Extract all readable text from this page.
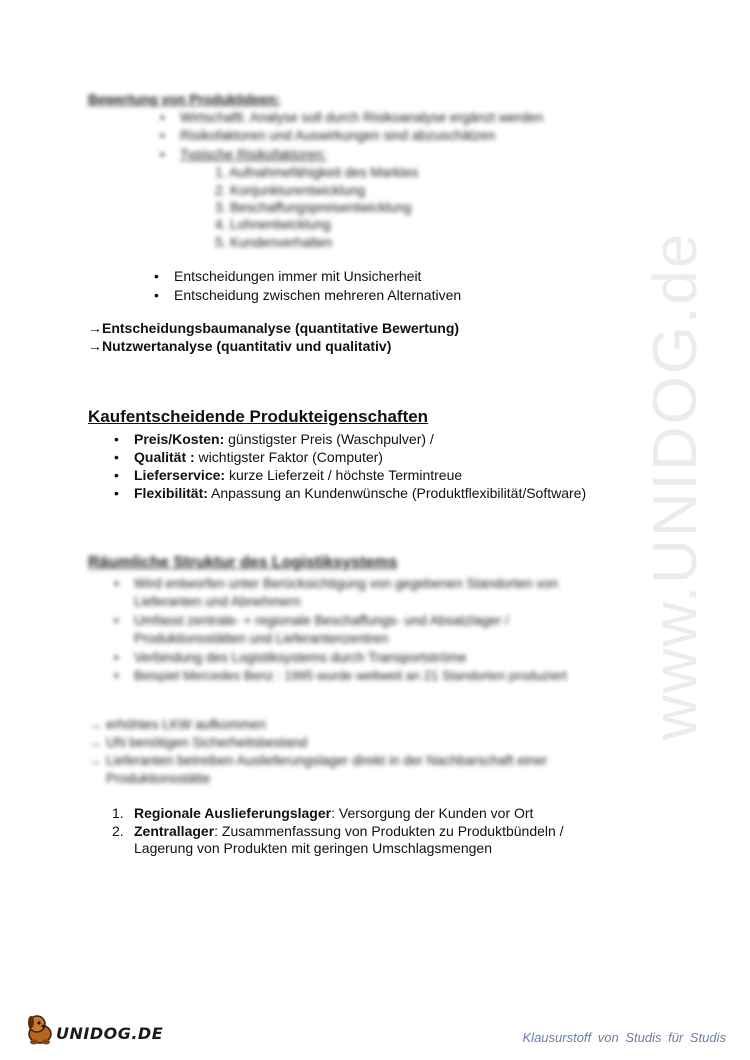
www.UNIDOG.de
Bewertung von Produktideen:
• Wirtschaftl. Analyse soll durch Risikoanalyse ergänzt werden
• Risikofaktoren und Auswirkungen sind abzuschätzen
• Typische Risikofaktoren:
1. Aufnahmefähigkeit des Marktes
2. Konjunkturentwicklung
3. Beschaffungspreisentwicklung
4. Lohnentwicklung
5. Kundenverhalten
• Entscheidungen immer mit Unsicherheit
• Entscheidung zwischen mehreren Alternativen
→Entscheidungsbaumanalyse (quantitative Bewertung)
→Nutzwertanalyse (quantitativ und qualitativ)
Kaufentscheidende Produkteigenschaften
• Preis/Kosten: günstigster Preis (Waschpulver) /
• Qualität : wichtigster Faktor (Computer)
• Lieferservice: kurze Lieferzeit / höchste Termintreue
• Flexibilität: Anpassung an Kundenwünsche (Produktflexibilität/Software)
Räumliche Struktur des Logistiksystems
• Wird entworfen unter Berücksichtigung von gegebenen Standorten von
Lieferanten und Abnehmern
• Umfasst zentrale- + regionale Beschaffungs- und Absatzlager /
Produktionsstätten und Lieferantenzentren
• Verbindung des Logistiksystems durch Transportströme
• Beispiel Mercedes Benz : 1995 wurde weltweit an 21 Standorten produziert
→ erhöhtes LKW aufkommen
→ UN benötigen Sicherheitsbestand
→ Lieferanten betreiben Auslieferungslager direkt in der Nachbarschaft einer
Produktionsstätte
1. Regionale Auslieferungslager: Versorgung der Kunden vor Ort
2. Zentrallager: Zusammenfassung von Produkten zu Produktbündeln /
Lagerung von Produkten mit geringen Umschlagsmengen
UNIDOG.DE	Klausurstoff von Studis für Studis
